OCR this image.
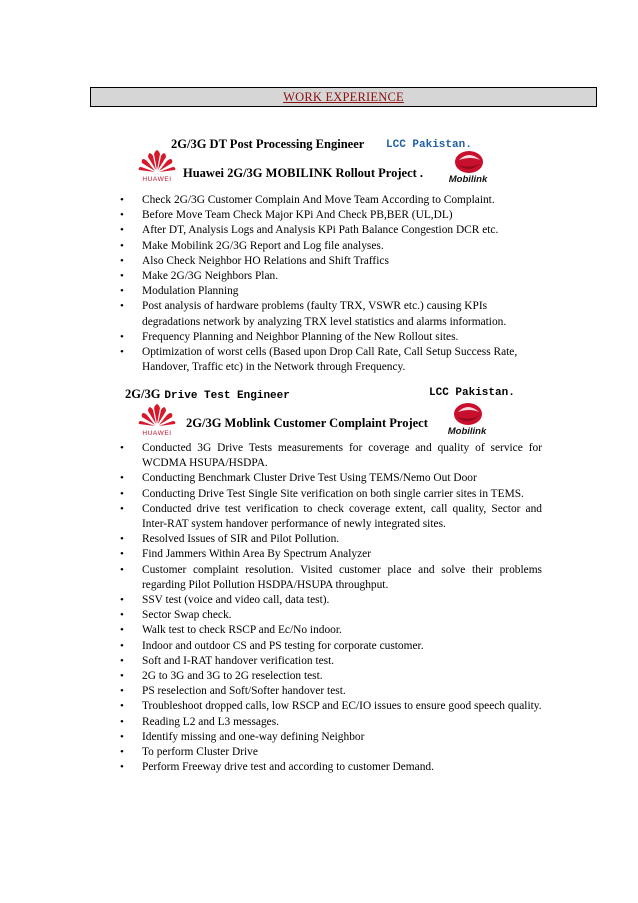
WORK EXPERIENCE
2G/3G DT Post Processing Engineer LCC Pakistan.
HUAWEI Huawei 2G/3G MOBILINK Rollout Project .	Mobilink
• Check 2G/3G Customer Complain And Move Team According to Complaint.
• Before Move Team Check Major KPi And Check PB,BER (UL,DL)
• After DT, Analysis Logs and Analysis KPi Path Balance Congestion DCR etc.
• Make Mobilink 2G/3G Report and Log file analyses.
• Also Check Neighbor HO Relations and Shift Traffics
• Make 2G/3G Neighbors Plan.
• Modulation Planning
• Post analysis of hardware problems (faulty TRX, VSWR etc.) causing KPIs degradations network by analyzing TRX level statistics and alarms information.
• Frequency Planning and Neighbor Planning of the New Rollout sites.
• Optimization of worst cells (Based upon Drop Call Rate, Call Setup Success Rate, Handover, Traffic etc) in the Network through Frequency.
2G/3G Drive Test Engineer	LCC Pakistan.
HUAWEI
2G/3G Moblink Customer Complaint Project
Mobilink
• Conducted 3G Drive Tests measurements for coverage and quality of service for WCDMA HSUPA/HSDPA.
• Conducting Benchmark Cluster Drive Test Using TEMS/Nemo Out Door
• Conducting Drive Test Single Site verification on both single carrier sites in TEMS.
• Conducted drive test verification to check coverage extent, call quality, Sector and Inter-RAT system handover performance of newly integrated sites.
• Resolved Issues of SIR and Pilot Pollution.
• Find Jammers Within Area By Spectrum Analyzer
• Customer complaint resolution. Visited customer place and solve their problems regarding Pilot Pollution HSDPA/HSUPA throughput.
• SSV test (voice and video call, data test).
• Sector Swap check.
• Walk test to check RSCP and Ec/No indoor.
• Indoor and outdoor CS and PS testing for corporate customer.
• Soft and I-RAT handover verification test.
• 2G to 3G and 3G to 2G reselection test.
• PS reselection and Soft/Softer handover test.
• Troubleshoot dropped calls, low RSCP and EC/IO issues to ensure good speech quality.
• Reading L2 and L3 messages.
• Identify missing and one-way defining Neighbor
• To perform Cluster Drive
• Perform Freeway drive test and according to customer Demand.
